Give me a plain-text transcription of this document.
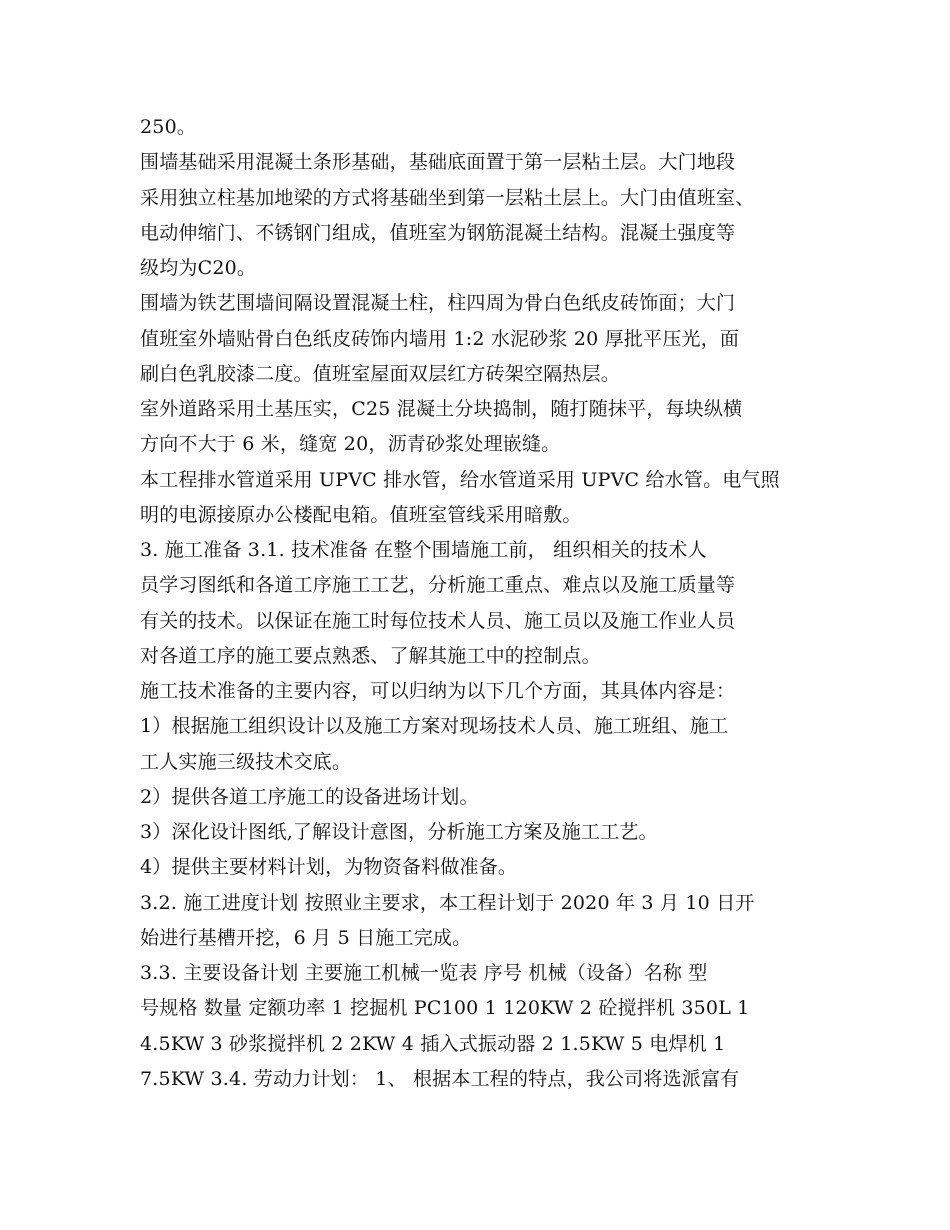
250。
围墙基础采用混凝土条形基础，基础底面置于第一层粘土层。大门地段
采用独立柱基加地梁的方式将基础坐到第一层粘土层上。大门由值班室、
电动伸缩门、不锈钢门组成，值班室为钢筋混凝土结构。混凝土强度等
级均为C20。
围墙为铁艺围墙间隔设置混凝土柱，柱四周为骨白色纸皮砖饰面；大门
值班室外墙贴骨白色纸皮砖饰内墙用 1:2 水泥砂浆 20 厚批平压光，面
刷白色乳胶漆二度。值班室屋面双层红方砖架空隔热层。
室外道路采用土基压实，C25 混凝土分块捣制，随打随抹平，每块纵横
方向不大于 6 米，缝宽 20，沥青砂浆处理嵌缝。
本工程排水管道采用 UPVC 排水管，给水管道采用 UPVC 给水管。电气照
明的电源接原办公楼配电箱。值班室管线采用暗敷。
3. 施工准备 3.1. 技术准备 在整个围墙施工前， 组织相关的技术人
员学习图纸和各道工序施工工艺，分析施工重点、难点以及施工质量等
有关的技术。以保证在施工时每位技术人员、施工员以及施工作业人员
对各道工序的施工要点熟悉、了解其施工中的控制点。
施工技术准备的主要内容，可以归纳为以下几个方面，其具体内容是：
1）根据施工组织设计以及施工方案对现场技术人员、施工班组、施工
工人实施三级技术交底。
2）提供各道工序施工的设备进场计划。
3）深化设计图纸,了解设计意图，分析施工方案及施工工艺。
4）提供主要材料计划，为物资备料做准备。
3.2. 施工进度计划 按照业主要求，本工程计划于 2020 年 3 月 10 日开
始进行基槽开挖，6 月 5 日施工完成。
3.3. 主要设备计划 主要施工机械一览表 序号 机械（设备）名称 型
号规格 数量 定额功率 1 挖掘机 PC100 1 120KW 2 砼搅拌机 350L 1
4.5KW 3 砂浆搅拌机 2 2KW 4 插入式振动器 2 1.5KW 5 电焊机 1
7.5KW 3.4. 劳动力计划： 1、 根据本工程的特点，我公司将选派富有
